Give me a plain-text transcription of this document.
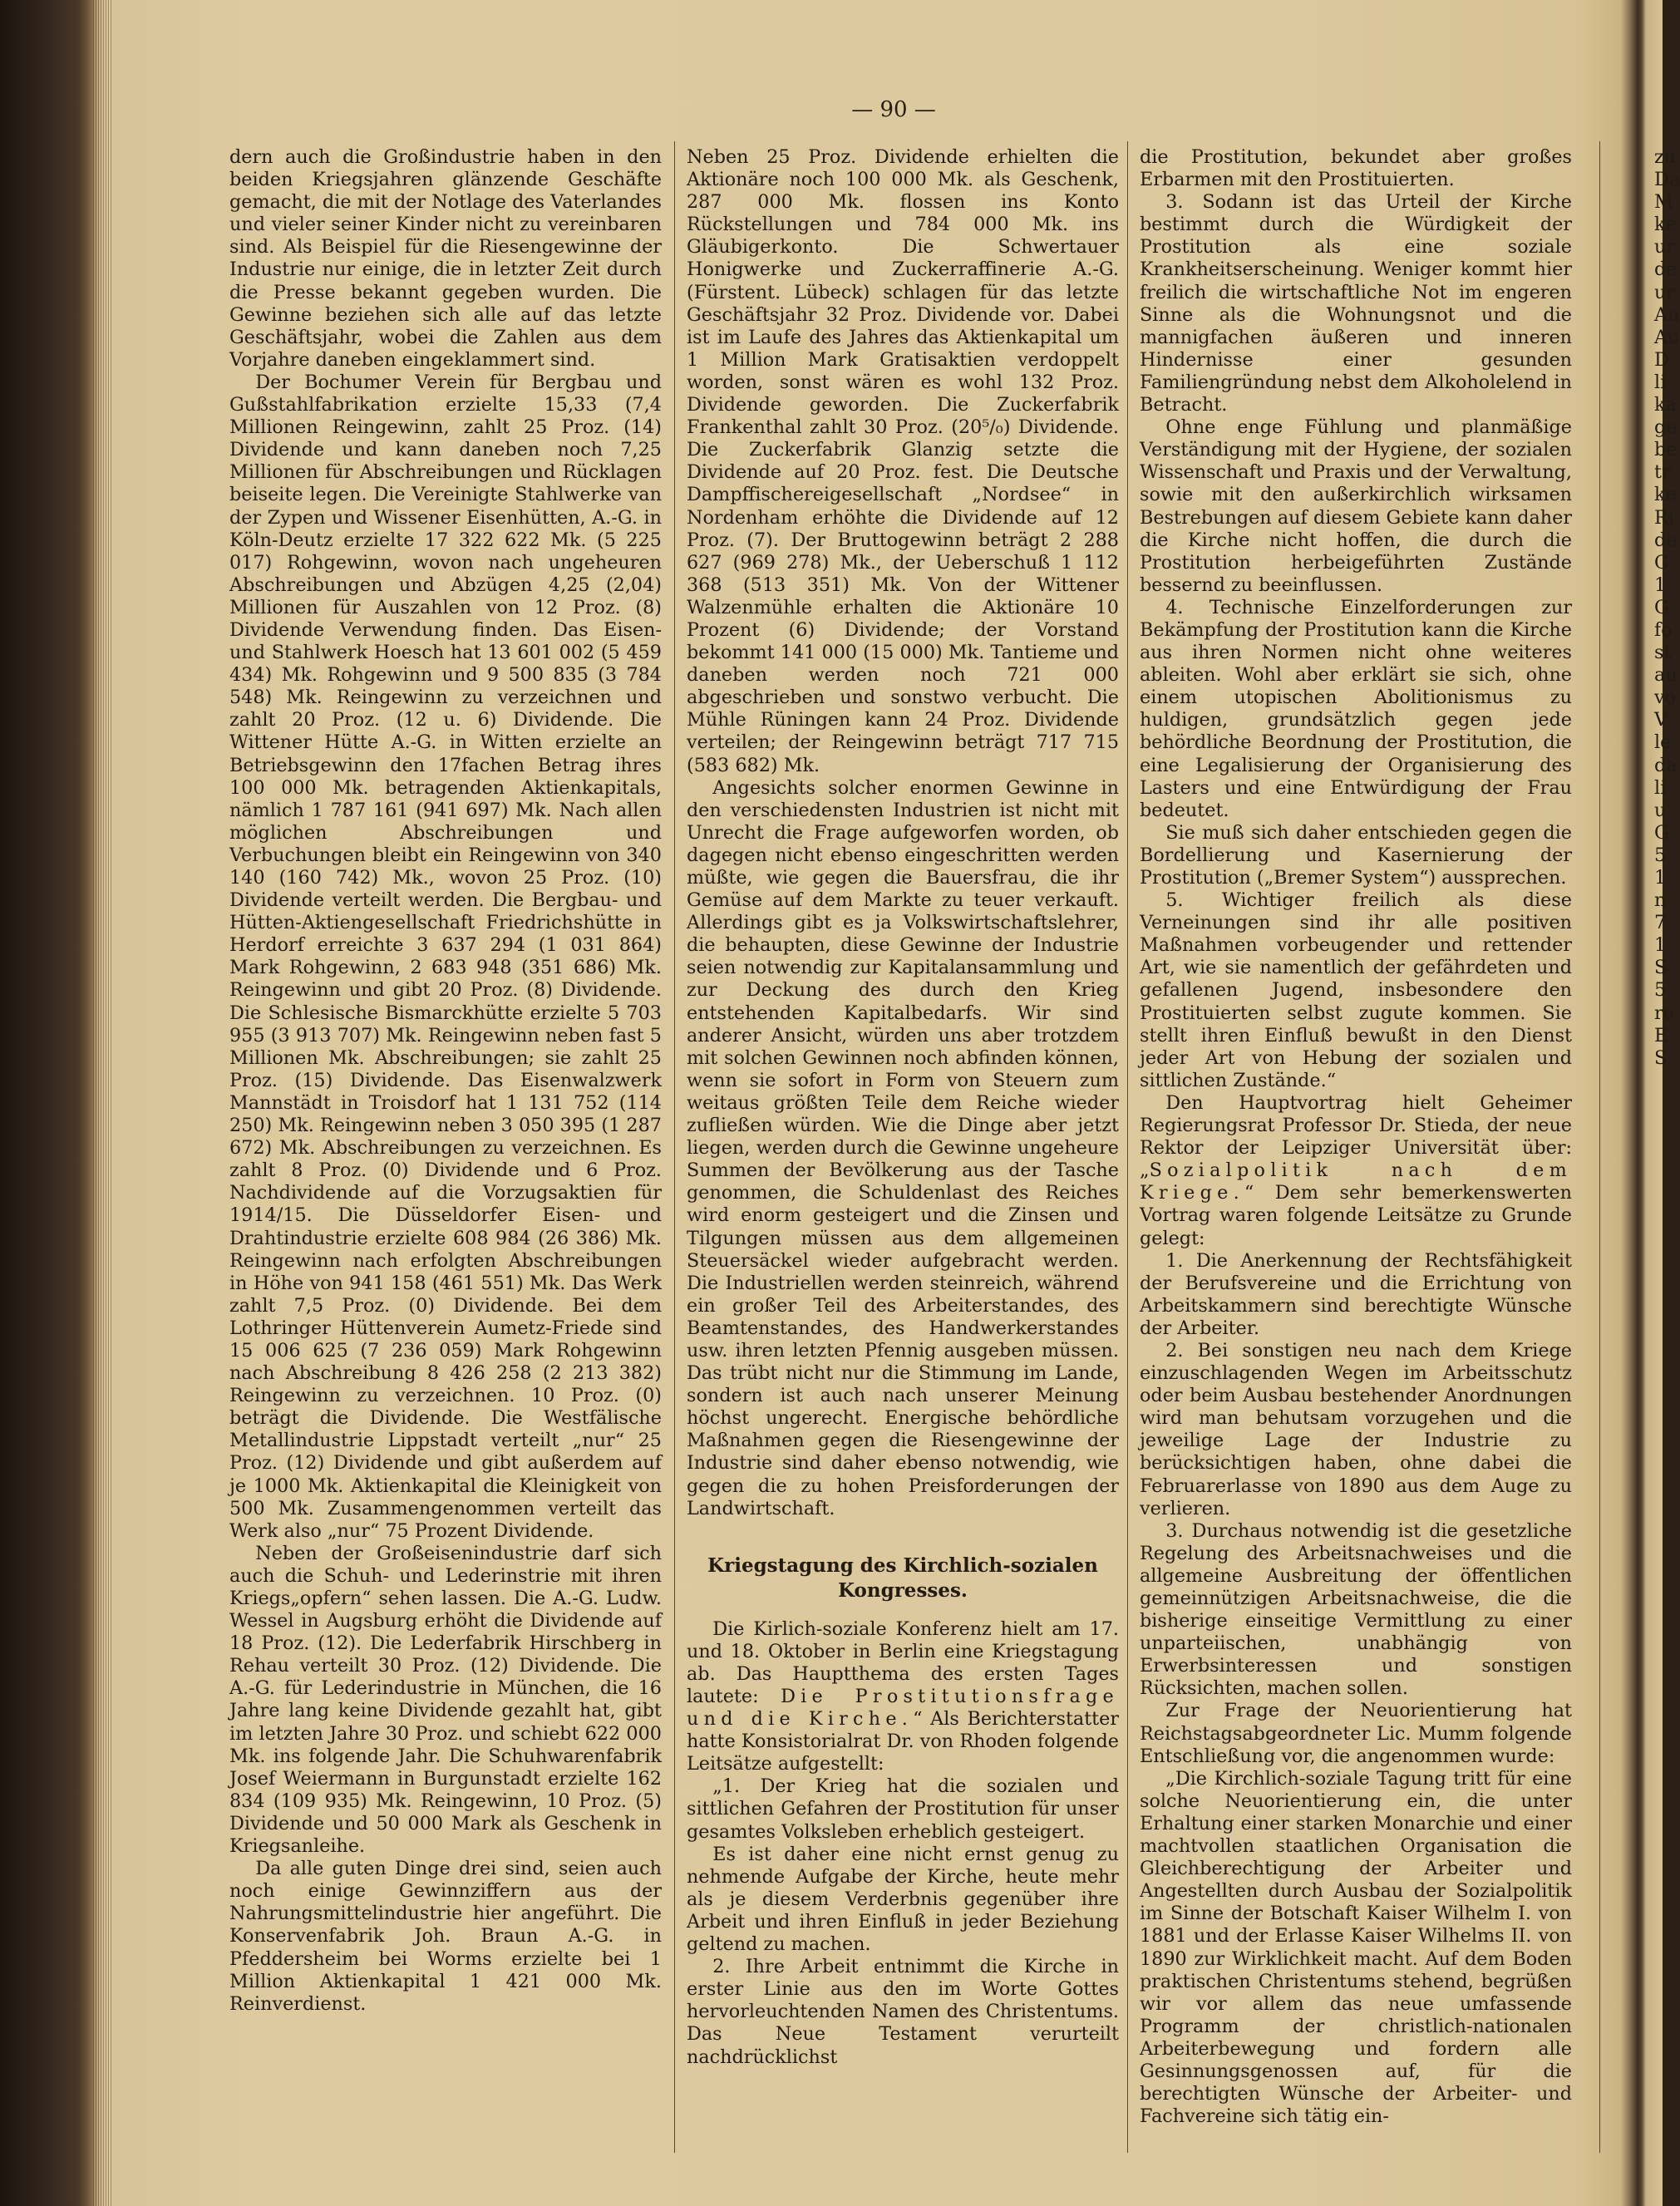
— 90 —

dern auch die Großindustrie haben in den beiden Kriegsjahren glänzende Geschäfte gemacht, die mit der Notlage des Vaterlandes und vieler seiner Kinder nicht zu vereinbaren sind. Als Beispiel für die Riesengewinne der Industrie nur einige, die in letzter Zeit durch die Presse bekannt gegeben wurden. Die Gewinne beziehen sich alle auf das letzte Geschäftsjahr, wobei die Zahlen aus dem Vorjahre daneben eingeklammert sind.

Der Bochumer Verein für Bergbau und Gußstahlfabrikation erzielte 15,33 (7,4 Millionen Reingewinn, zahlt 25 Proz. (14) Dividende und kann daneben noch 7,25 Millionen für Abschreibungen und Rücklagen beiseite legen. Die Vereinigte Stahlwerke van der Zypen und Wissener Eisenhütten, A.-G. in Köln-Deutz erzielte 17 322 622 Mk. (5 225 017) Rohgewinn, wovon nach ungeheuren Abschreibungen und Abzügen 4,25 (2,04) Millionen für Auszahlen von 12 Proz. (8) Dividende Verwendung finden. Das Eisen- und Stahlwerk Hoesch hat 13 601 002 (5 459 434) Mk. Rohgewinn und 9 500 835 (3 784 548) Mk. Reingewinn zu verzeichnen und zahlt 20 Proz. (12 u. 6) Dividende. Die Wittener Hütte A.-G. in Witten erzielte an Betriebsgewinn den 17fachen Betrag ihres 100 000 Mk. betragenden Aktienkapitals, nämlich 1 787 161 (941 697) Mk. Nach allen möglichen Abschreibungen und Verbuchungen bleibt ein Reingewinn von 340 140 (160 742) Mk., wovon 25 Proz. (10) Dividende verteilt werden. Die Bergbau- und Hütten-Aktiengesellschaft Friedrichshütte in Herdorf erreichte 3 637 294 (1 031 864) Mark Rohgewinn, 2 683 948 (351 686) Mk. Reingewinn und gibt 20 Proz. (8) Dividende. Die Schlesische Bismarckhütte erzielte 5 703 955 (3 913 707) Mk. Reingewinn neben fast 5 Millionen Mk. Abschreibungen; sie zahlt 25 Proz. (15) Dividende. Das Eisenwalzwerk Mannstädt in Troisdorf hat 1 131 752 (114 250) Mk. Reingewinn neben 3 050 395 (1 287 672) Mk. Abschreibungen zu verzeichnen. Es zahlt 8 Proz. (0) Dividende und 6 Proz. Nachdividende auf die Vorzugsaktien für 1914/15. Die Düsseldorfer Eisen- und Drahtindustrie erzielte 608 984 (26 386) Mk. Reingewinn nach erfolgten Abschreibungen in Höhe von 941 158 (461 551) Mk. Das Werk zahlt 7,5 Proz. (0) Dividende. Bei dem Lothringer Hüttenverein Aumetz-Friede sind 15 006 625 (7 236 059) Mark Rohgewinn nach Abschreibung 8 426 258 (2 213 382) Reingewinn zu verzeichnen. 10 Proz. (0) beträgt die Dividende. Die Westfälische Metallindustrie Lippstadt verteilt „nur“ 25 Proz. (12) Dividende und gibt außerdem auf je 1000 Mk. Aktienkapital die Kleinigkeit von 500 Mk. Zusammengenommen verteilt das Werk also „nur“ 75 Prozent Dividende.

Neben der Großeisenindustrie darf sich auch die Schuh- und Lederinstrie mit ihren Kriegs„opfern“ sehen lassen. Die A.-G. Ludw. Wessel in Augsburg erhöht die Dividende auf 18 Proz. (12). Die Lederfabrik Hirschberg in Rehau verteilt 30 Proz. (12) Dividende. Die A.-G. für Lederindustrie in München, die 16 Jahre lang keine Dividende gezahlt hat, gibt im letzten Jahre 30 Proz. und schiebt 622 000 Mk. ins folgende Jahr. Die Schuhwarenfabrik Josef Weiermann in Burgunstadt erzielte 162 834 (109 935) Mk. Reingewinn, 10 Proz. (5) Dividende und 50 000 Mark als Geschenk in Kriegsanleihe.

Da alle guten Dinge drei sind, seien auch noch einige Gewinnziffern aus der Nahrungsmittelindustrie hier angeführt. Die Konservenfabrik Joh. Braun A.-G. in Pfeddersheim bei Worms erzielte bei 1 Million Aktienkapital 1 421 000 Mk. Reinverdienst.

Neben 25 Proz. Dividende erhielten die Aktionäre noch 100 000 Mk. als Geschenk, 287 000 Mk. flossen ins Konto Rückstellungen und 784 000 Mk. ins Gläubigerkonto. Die Schwertauer Honigwerke und Zuckerraffinerie A.-G. (Fürstent. Lübeck) schlagen für das letzte Geschäftsjahr 32 Proz. Dividende vor. Dabei ist im Laufe des Jahres das Aktienkapital um 1 Million Mark Gratisaktien verdoppelt worden, sonst wären es wohl 132 Proz. Dividende geworden. Die Zuckerfabrik Frankenthal zahlt 30 Proz. (20⁵/₀) Dividende. Die Zuckerfabrik Glanzig setzte die Dividende auf 20 Proz. fest. Die Deutsche Dampffischereigesellschaft „Nordsee“ in Nordenham erhöhte die Dividende auf 12 Proz. (7). Der Bruttogewinn beträgt 2 288 627 (969 278) Mk., der Ueberschuß 1 112 368 (513 351) Mk. Von der Wittener Walzenmühle erhalten die Aktionäre 10 Prozent (6) Dividende; der Vorstand bekommt 141 000 (15 000) Mk. Tantieme und daneben werden noch 721 000 abgeschrieben und sonstwo verbucht. Die Mühle Rüningen kann 24 Proz. Dividende verteilen; der Reingewinn beträgt 717 715 (583 682) Mk.

Angesichts solcher enormen Gewinne in den verschiedensten Industrien ist nicht mit Unrecht die Frage aufgeworfen worden, ob dagegen nicht ebenso eingeschritten werden müßte, wie gegen die Bauersfrau, die ihr Gemüse auf dem Markte zu teuer verkauft. Allerdings gibt es ja Volkswirtschaftslehrer, die behaupten, diese Gewinne der Industrie seien notwendig zur Kapitalansammlung und zur Deckung des durch den Krieg entstehenden Kapitalbedarfs. Wir sind anderer Ansicht, würden uns aber trotzdem mit solchen Gewinnen noch abfinden können, wenn sie sofort in Form von Steuern zum weitaus größten Teile dem Reiche wieder zufließen würden. Wie die Dinge aber jetzt liegen, werden durch die Gewinne ungeheure Summen der Bevölkerung aus der Tasche genommen, die Schuldenlast des Reiches wird enorm gesteigert und die Zinsen und Tilgungen müssen aus dem allgemeinen Steuersäckel wieder aufgebracht werden. Die Industriellen werden steinreich, während ein großer Teil des Arbeiterstandes, des Beamtenstandes, des Handwerkerstandes usw. ihren letzten Pfennig ausgeben müssen. Das trübt nicht nur die Stimmung im Lande, sondern ist auch nach unserer Meinung höchst ungerecht. Energische behördliche Maßnahmen gegen die Riesengewinne der Industrie sind daher ebenso notwendig, wie gegen die zu hohen Preisforderungen der Landwirtschaft.

Kriegstagung des Kirchlich-sozialen Kongresses.

Die Kirlich-soziale Konferenz hielt am 17. und 18. Oktober in Berlin eine Kriegstagung ab. Das Hauptthema des ersten Tages lautete: Die Prostitutionsfrage und die Kirche.“ Als Berichterstatter hatte Konsistorialrat Dr. von Rhoden folgende Leitsätze aufgestellt:

„1. Der Krieg hat die sozialen und sittlichen Gefahren der Prostitution für unser gesamtes Volksleben erheblich gesteigert.

Es ist daher eine nicht ernst genug zu nehmende Aufgabe der Kirche, heute mehr als je diesem Verderbnis gegenüber ihre Arbeit und ihren Einfluß in jeder Beziehung geltend zu machen.

2. Ihre Arbeit entnimmt die Kirche in erster Linie aus den im Worte Gottes hervorleuchtenden Namen des Christentums. Das Neue Testament verurteilt nachdrücklichst

die Prostitution, bekundet aber großes Erbarmen mit den Prostituierten.

3. Sodann ist das Urteil der Kirche bestimmt durch die Würdigkeit der Prostitution als eine soziale Krankheitserscheinung. Weniger kommt hier freilich die wirtschaftliche Not im engeren Sinne als die Wohnungsnot und die mannigfachen äußeren und inneren Hindernisse einer gesunden Familiengründung nebst dem Alkoholelend in Betracht.

Ohne enge Fühlung und planmäßige Verständigung mit der Hygiene, der sozialen Wissenschaft und Praxis und der Verwaltung, sowie mit den außerkirchlich wirksamen Bestrebungen auf diesem Gebiete kann daher die Kirche nicht hoffen, die durch die Prostitution herbeigeführten Zustände bessernd zu beeinflussen.

4. Technische Einzelforderungen zur Bekämpfung der Prostitution kann die Kirche aus ihren Normen nicht ohne weiteres ableiten. Wohl aber erklärt sie sich, ohne einem utopischen Abolitionismus zu huldigen, grundsätzlich gegen jede behördliche Beordnung der Prostitution, die eine Legalisierung der Organisierung des Lasters und eine Entwürdigung der Frau bedeutet.

Sie muß sich daher entschieden gegen die Bordellierung und Kasernierung der Prostitution („Bremer System“) aussprechen.

5. Wichtiger freilich als diese Verneinungen sind ihr alle positiven Maßnahmen vorbeugender und rettender Art, wie sie namentlich der gefährdeten und gefallenen Jugend, insbesondere den Prostituierten selbst zugute kommen. Sie stellt ihren Einfluß bewußt in den Dienst jeder Art von Hebung der sozialen und sittlichen Zustände.“

Den Hauptvortrag hielt Geheimer Regierungsrat Professor Dr. Stieda, der neue Rektor der Leipziger Universität über: „Sozialpolitik nach dem Kriege.“ Dem sehr bemerkenswerten Vortrag waren folgende Leitsätze zu Grunde gelegt:

1. Die Anerkennung der Rechtsfähigkeit der Berufsvereine und die Errichtung von Arbeitskammern sind berechtigte Wünsche der Arbeiter.

2. Bei sonstigen neu nach dem Kriege einzuschlagenden Wegen im Arbeitsschutz oder beim Ausbau bestehender Anordnungen wird man behutsam vorzugehen und die jeweilige Lage der Industrie zu berücksichtigen haben, ohne dabei die Februarerlasse von 1890 aus dem Auge zu verlieren.

3. Durchaus notwendig ist die gesetzliche Regelung des Arbeitsnachweises und die allgemeine Ausbreitung der öffentlichen gemeinnützigen Arbeitsnachweise, die die bisherige einseitige Vermittlung zu einer unparteiischen, unabhängig von Erwerbsinteressen und sonstigen Rücksichten, machen sollen.

Zur Frage der Neuorientierung hat Reichstagsabgeordneter Lic. Mumm folgende Entschließung vor, die angenommen wurde:

„Die Kirchlich-soziale Tagung tritt für eine solche Neuorientierung ein, die unter Erhaltung einer starken Monarchie und einer machtvollen staatlichen Organisation die Gleichberechtigung der Arbeiter und Angestellten durch Ausbau der Sozialpolitik im Sinne der Botschaft Kaiser Wilhelm I. von 1881 und der Erlasse Kaiser Wilhelms II. von 1890 zur Wirklichkeit macht. Auf dem Boden praktischen Christentums stehend, begrüßen wir vor allem das neue umfassende Programm der christlich-nationalen Arbeiterbewegung und fordern alle Gesinnungsgenossen auf, für die berechtigten Wünsche der Arbeiter- und Fachvereine sich tätig ein-

zu Da M ke ur de ur Au Au D li ka ge be tr ke Ri de G 1 G fo st au vo V le da li u G 5 1 n 7 1 S 5 re E S
